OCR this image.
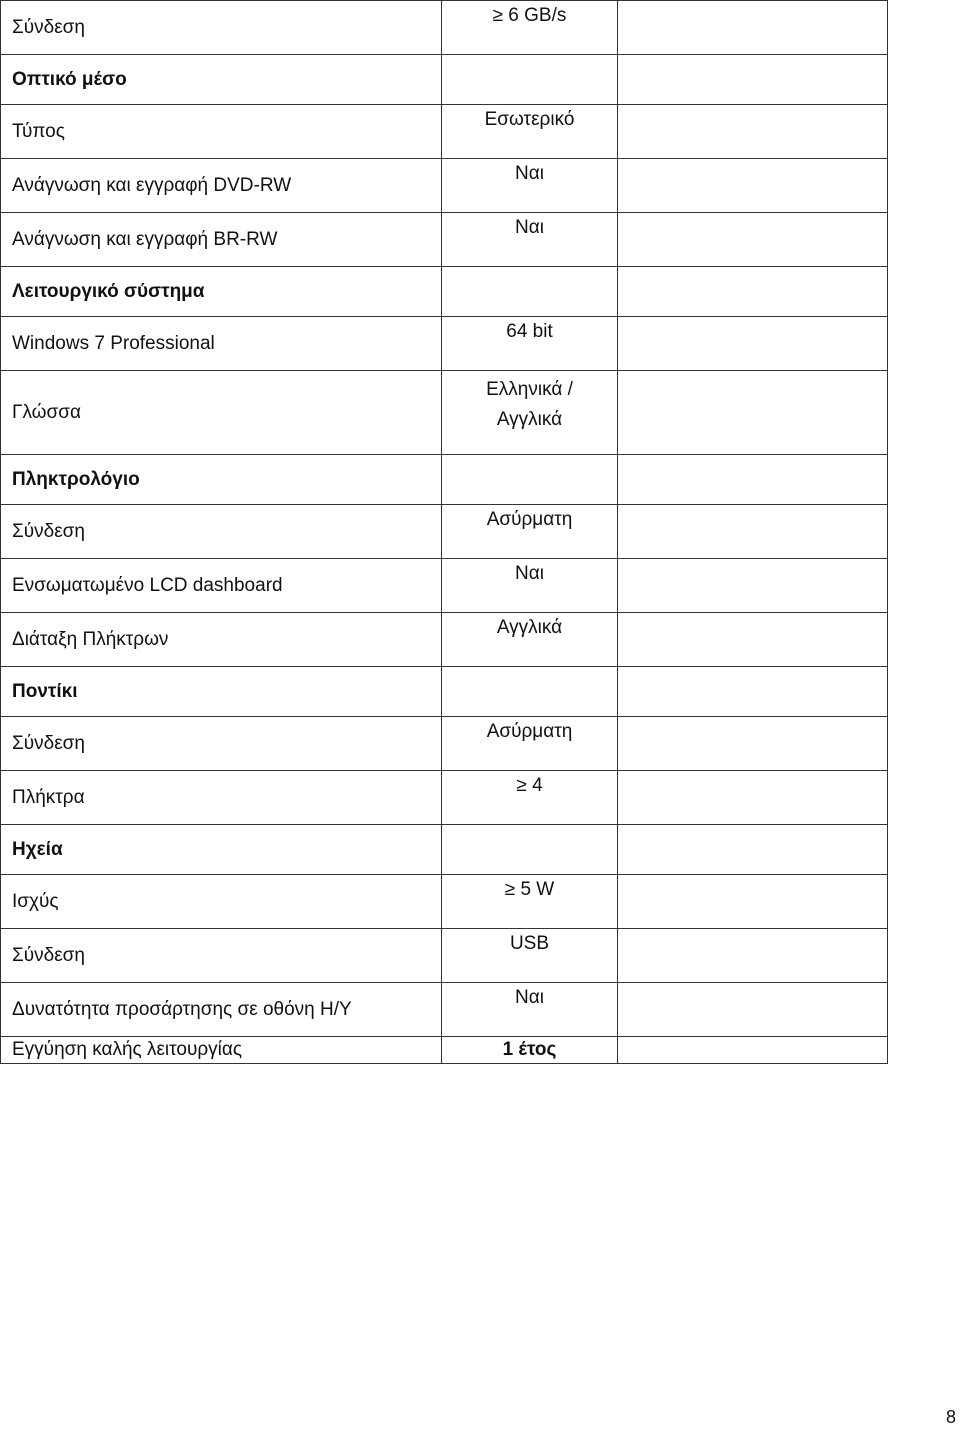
Σύνδεση	≥ 6 GB/s	
Οπτικό μέσο		
Τύπος	Εσωτερικό	
Ανάγνωση και εγγραφή DVD-RW	Ναι	
Ανάγνωση και εγγραφή BR-RW	Ναι	
Λειτουργικό σύστημα		
Windows 7 Professional	64 bit	
Γλώσσα	Ελληνικά /
Αγγλικά	

Πληκτρολόγιο		
Σύνδεση	Ασύρματη	
Ενσωματωμένο LCD dashboard	Ναι	
Διάταξη Πλήκτρων	Αγγλικά	
Ποντίκι		
Σύνδεση	Ασύρματη	
Πλήκτρα	≥ 4	
Ηχεία		
Ισχύς	≥ 5 W	
Σύνδεση	USB	
Δυνατότητα προσάρτησης σε οθόνη Η/Υ	Ναι	
Εγγύηση καλής λειτουργίας	1 έτος	
8
